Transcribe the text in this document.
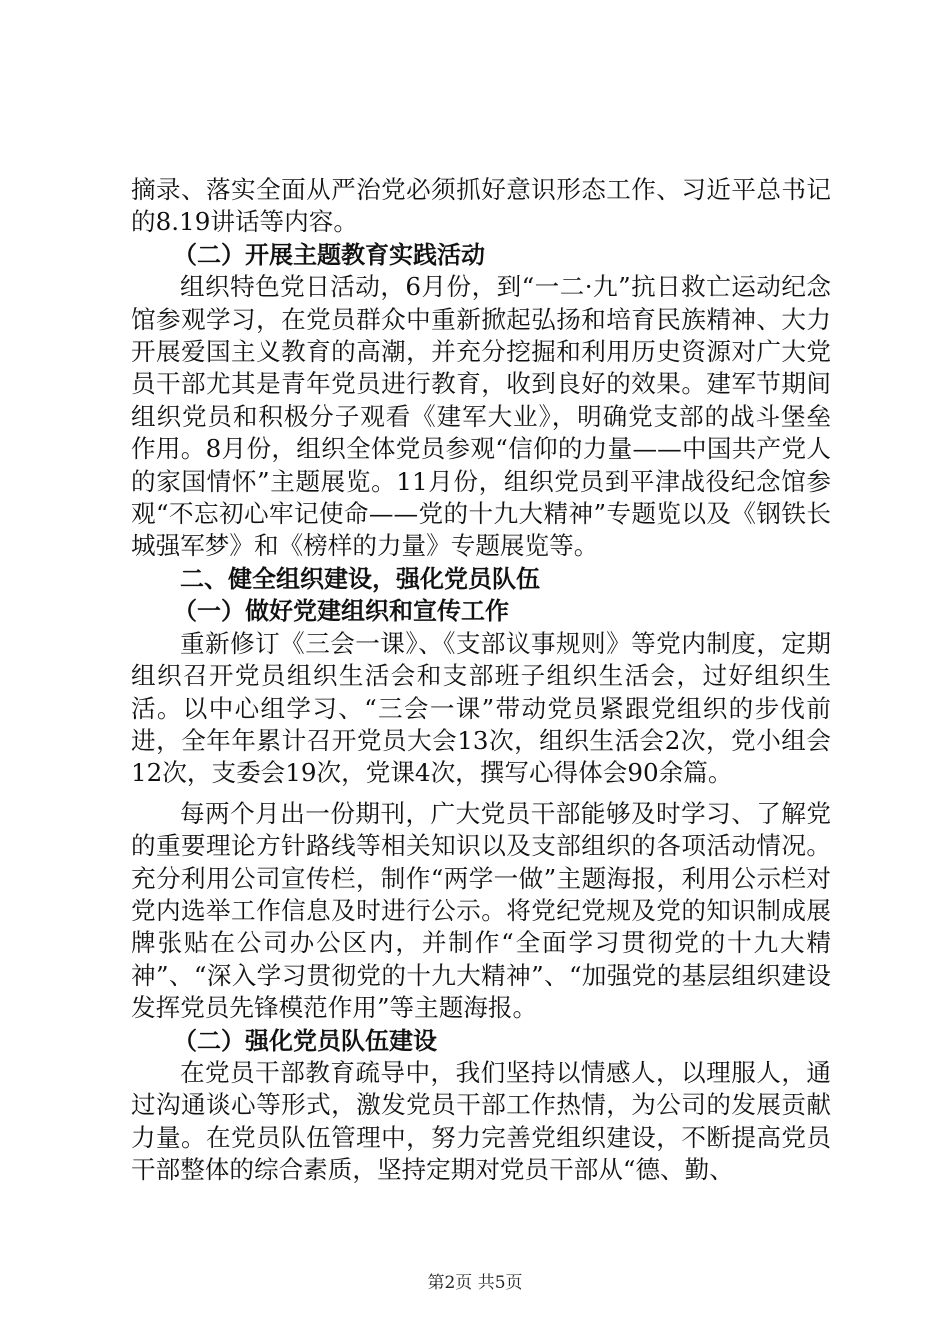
摘录、落实全面从严治党必须抓好意识形态工作、习近平总书记的8.19讲话等内容。

（二）开展主题教育实践活动

组织特色党日活动，6月份，到“一二·九”抗日救亡运动纪念馆参观学习，在党员群众中重新掀起弘扬和培育民族精神、大力开展爱国主义教育的高潮，并充分挖掘和利用历史资源对广大党员干部尤其是青年党员进行教育，收到良好的效果。建军节期间组织党员和积极分子观看《建军大业》，明确党支部的战斗堡垒作用。8月份，组织全体党员参观“信仰的力量——中国共产党人的家国情怀”主题展览。11月份，组织党员到平津战役纪念馆参观“不忘初心牢记使命——党的十九大精神”专题览以及《钢铁长城强军梦》和《榜样的力量》专题展览等。

二、健全组织建设，强化党员队伍

（一）做好党建组织和宣传工作

重新修订《三会一课》、《支部议事规则》等党内制度，定期组织召开党员组织生活会和支部班子组织生活会，过好组织生活。以中心组学习、“三会一课”带动党员紧跟党组织的步伐前进，全年年累计召开党员大会13次，组织生活会2次，党小组会12次，支委会19次，党课4次，撰写心得体会90余篇。

每两个月出一份期刊，广大党员干部能够及时学习、了解党的重要理论方针路线等相关知识以及支部组织的各项活动情况。充分利用公司宣传栏，制作“两学一做”主题海报，利用公示栏对党内选举工作信息及时进行公示。将党纪党规及党的知识制成展牌张贴在公司办公区内，并制作“全面学习贯彻党的十九大精神”、“深入学习贯彻党的十九大精神”、“加强党的基层组织建设发挥党员先锋模范作用”等主题海报。

（二）强化党员队伍建设

在党员干部教育疏导中，我们坚持以情感人，以理服人，通过沟通谈心等形式，激发党员干部工作热情，为公司的发展贡献力量。在党员队伍管理中，努力完善党组织建设，不断提高党员干部整体的综合素质，坚持定期对党员干部从“德、勤、

第2页 共5页
